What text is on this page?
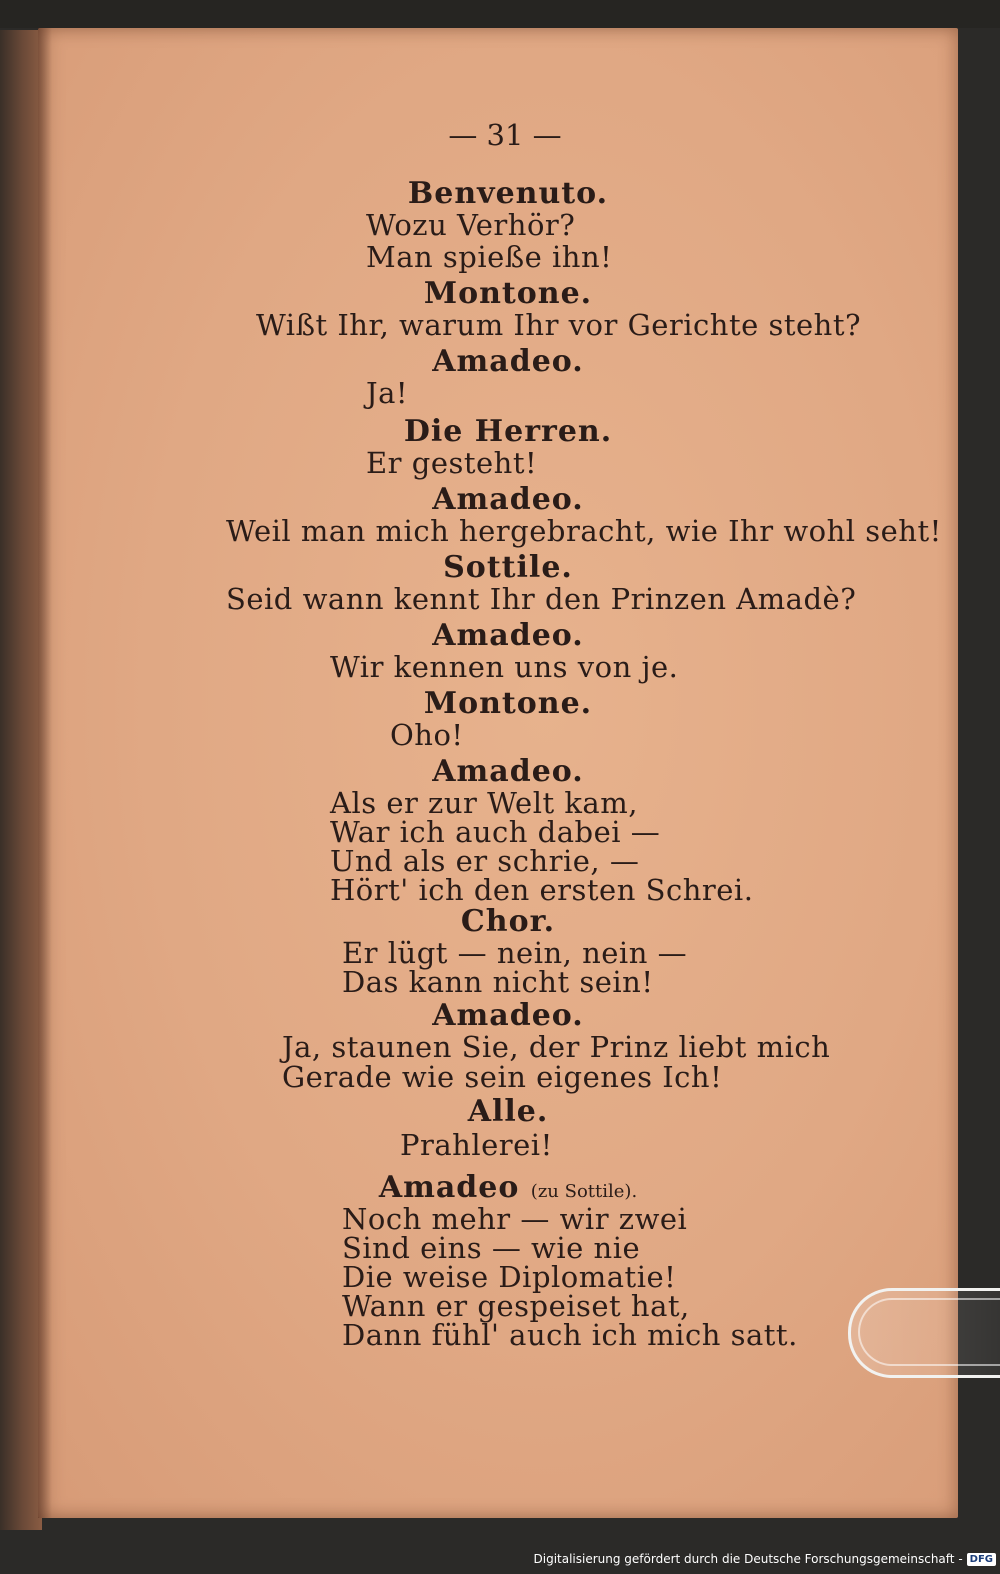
— 31 —
Benvenuto.
Wozu Verhör?
Man spieße ihn!
Montone.
Wißt Ihr, warum Ihr vor Gerichte steht?
Amadeo.
Ja!
Die Herren.
Er gesteht!
Amadeo.
Weil man mich hergebracht, wie Ihr wohl seht!
Sottile.
Seid wann kennt Ihr den Prinzen Amadè?
Amadeo.
Wir kennen uns von je.
Montone.
Oho!
Amadeo.
Als er zur Welt kam,
War ich auch dabei —
Und als er schrie, —
Hört' ich den ersten Schrei.
Chor.
Er lügt — nein, nein —
Das kann nicht sein!
Amadeo.
Ja, staunen Sie, der Prinz liebt mich
Gerade wie sein eigenes Ich!
Alle.
Prahlerei!
Amadeo (zu Sottile).
Noch mehr — wir zwei
Sind eins — wie nie
Die weise Diplomatie!
Wann er gespeiset hat,
Dann fühl' auch ich mich satt.
Digitalisierung gefördert durch die Deutsche Forschungsgemeinschaft - DFG
